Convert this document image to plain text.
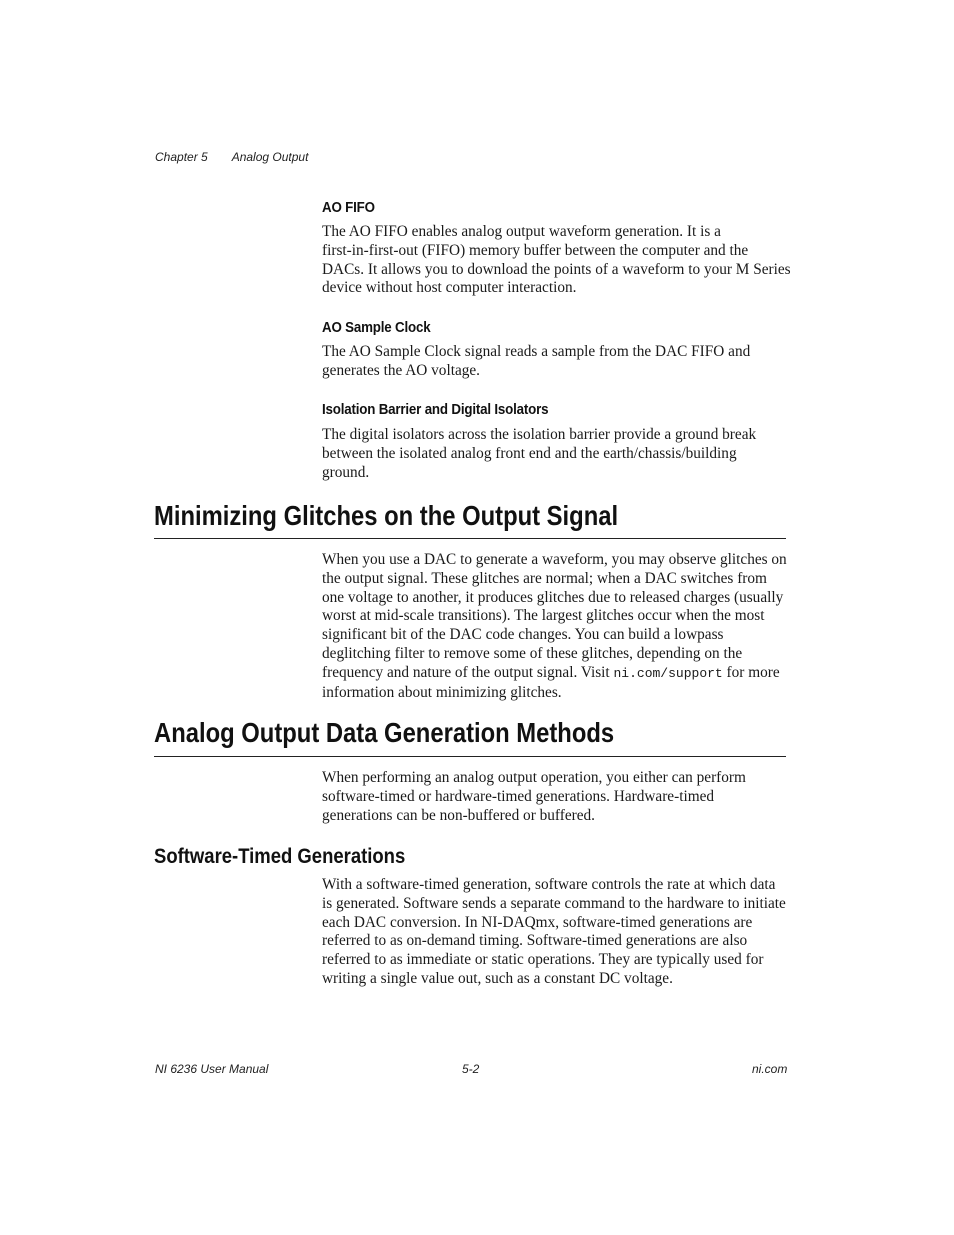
Chapter 5 Analog Output
AO FIFO
The AO FIFO enables analog output waveform generation. It is a
first-in-first-out (FIFO) memory buffer between the computer and the
DACs. It allows you to download the points of a waveform to your M Series
device without host computer interaction.
AO Sample Clock
The AO Sample Clock signal reads a sample from the DAC FIFO and
generates the AO voltage.
Isolation Barrier and Digital Isolators
The digital isolators across the isolation barrier provide a ground break
between the isolated analog front end and the earth/chassis/building
ground.
Minimizing Glitches on the Output Signal
When you use a DAC to generate a waveform, you may observe glitches on
the output signal. These glitches are normal; when a DAC switches from
one voltage to another, it produces glitches due to released charges (usually
worst at mid-scale transitions). The largest glitches occur when the most
significant bit of the DAC code changes. You can build a lowpass
deglitching filter to remove some of these glitches, depending on the
frequency and nature of the output signal. Visit ni.com/support for more
information about minimizing glitches.
Analog Output Data Generation Methods
When performing an analog output operation, you either can perform
software-timed or hardware-timed generations. Hardware-timed
generations can be non-buffered or buffered.
Software-Timed Generations
With a software-timed generation, software controls the rate at which data
is generated. Software sends a separate command to the hardware to initiate
each DAC conversion. In NI-DAQmx, software-timed generations are
referred to as on-demand timing. Software-timed generations are also
referred to as immediate or static operations. They are typically used for
writing a single value out, such as a constant DC voltage.
NI 6236 User Manual	5-2	ni.com
